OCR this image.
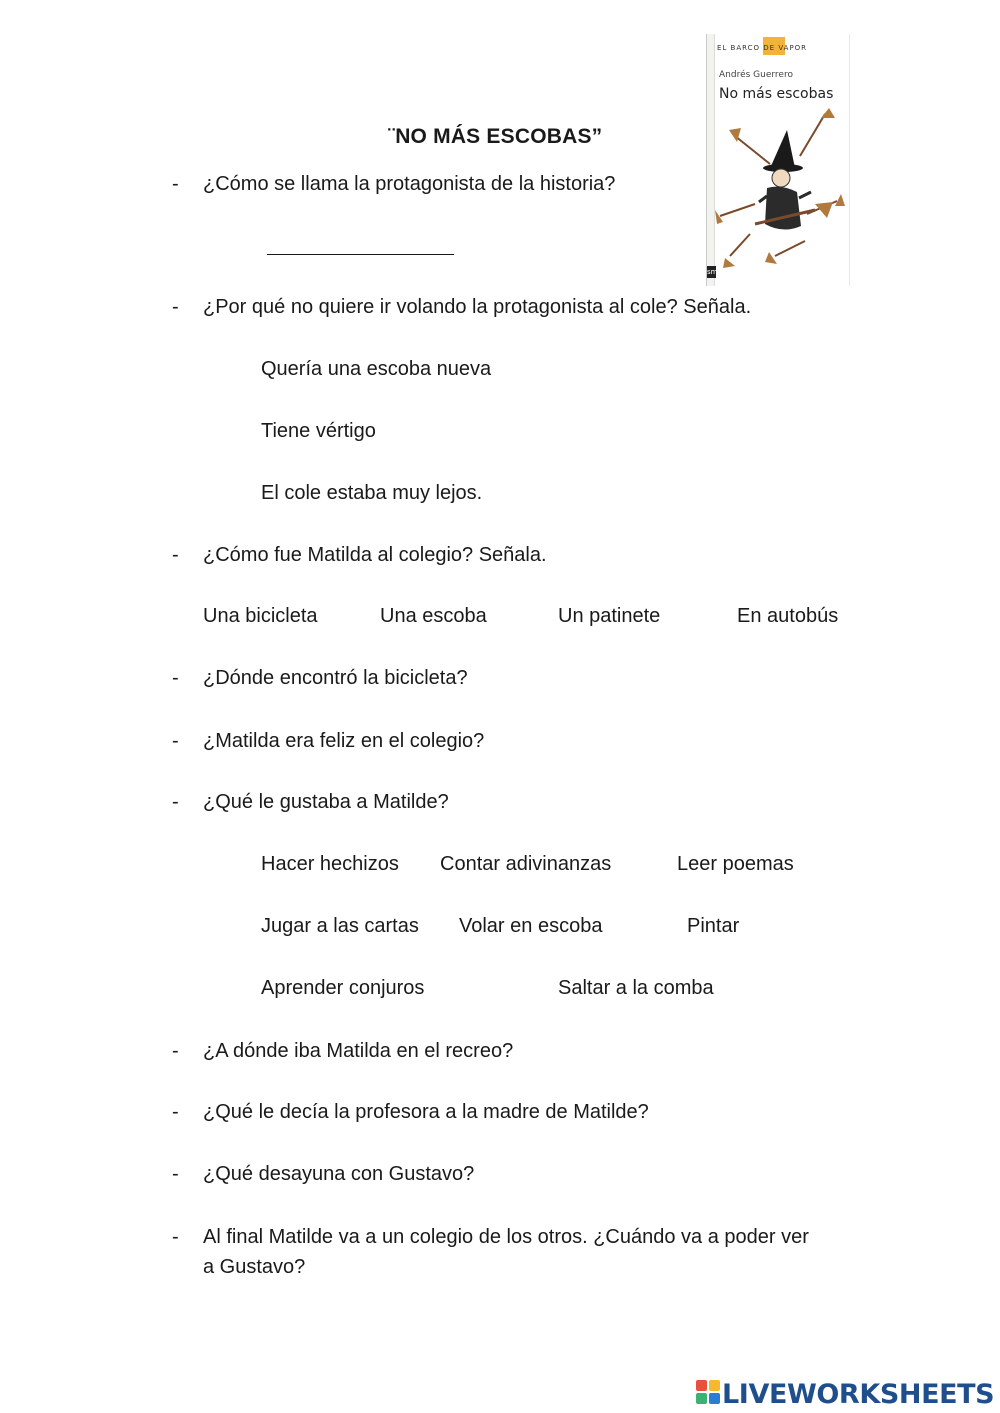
¨NO MÁS ESCOBAS”
EL BARCO DE VAPOR
Andrés Guerrero
No más escobas
sm
- ¿Cómo se llama la protagonista de la historia?
- ¿Por qué no quiere ir volando la protagonista al cole? Señala.
Quería una escoba nueva
Tiene vértigo
El cole estaba muy lejos.
- ¿Cómo fue Matilda al colegio? Señala.
Una bicicleta	Una escoba	Un patinete	En autobús
- ¿Dónde encontró la bicicleta?
- ¿Matilda era feliz en el colegio?
- ¿Qué le gustaba a Matilde?
Hacer hechizos Contar adivinanzas	Leer poemas
Jugar a las cartas Volar en escoba	Pintar
Aprender conjuros	Saltar a la comba
- ¿A dónde iba Matilda en el recreo?
- ¿Qué le decía la profesora a la madre de Matilde?
- ¿Qué desayuna con Gustavo?
- Al final Matilde va a un colegio de los otros. ¿Cuándo va a poder ver
a Gustavo?
LIVEWORKSHEETS
